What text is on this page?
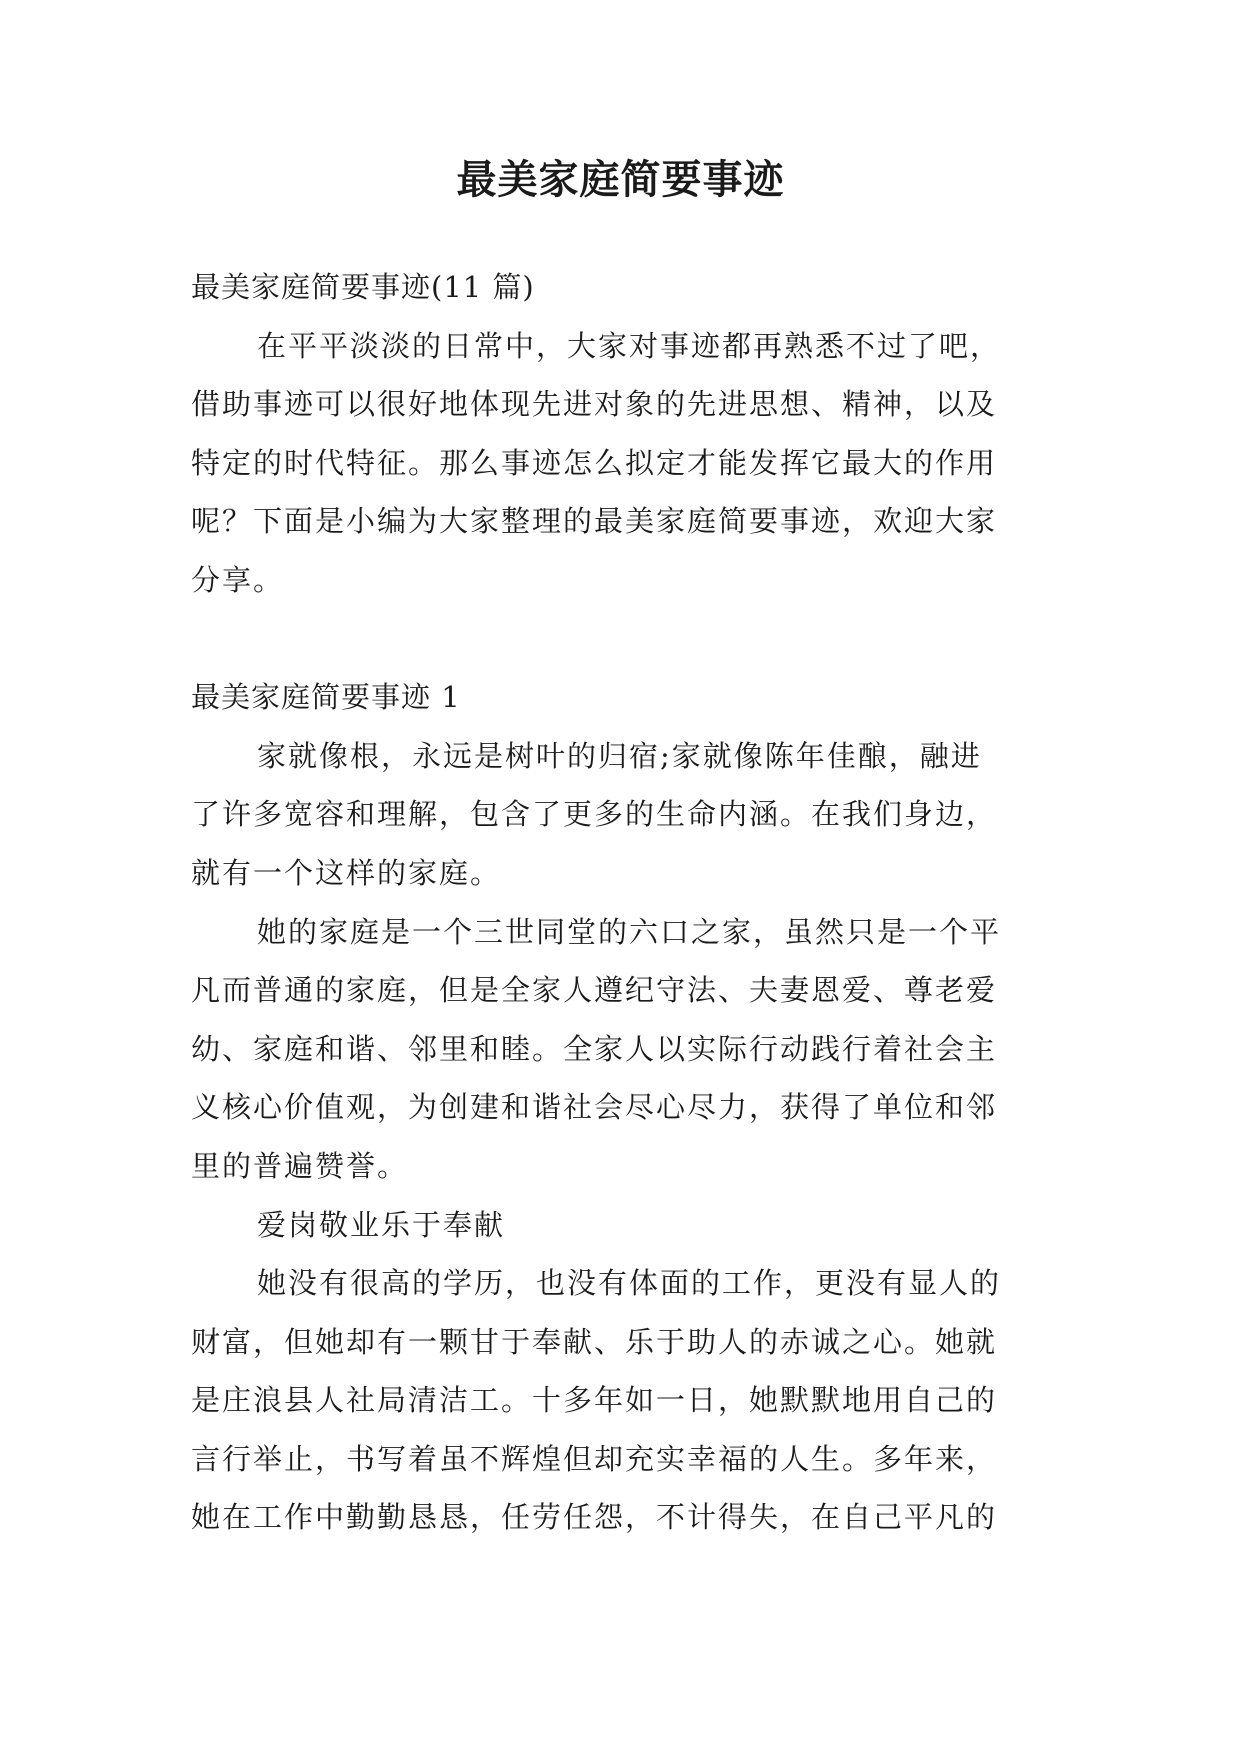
最美家庭简要事迹
最美家庭简要事迹(11 篇)
在平平淡淡的日常中，大家对事迹都再熟悉不过了吧，
借助事迹可以很好地体现先进对象的先进思想、精神，以及
特定的时代特征。那么事迹怎么拟定才能发挥它最大的作用
呢？下面是小编为大家整理的最美家庭简要事迹，欢迎大家
分享。
最美家庭简要事迹 1
家就像根，永远是树叶的归宿;家就像陈年佳酿，融进
了许多宽容和理解，包含了更多的生命内涵。在我们身边，
就有一个这样的家庭。
她的家庭是一个三世同堂的六口之家，虽然只是一个平
凡而普通的家庭，但是全家人遵纪守法、夫妻恩爱、尊老爱
幼、家庭和谐、邻里和睦。全家人以实际行动践行着社会主
义核心价值观，为创建和谐社会尽心尽力，获得了单位和邻
里的普遍赞誉。
爱岗敬业乐于奉献
她没有很高的学历，也没有体面的工作，更没有显人的
财富，但她却有一颗甘于奉献、乐于助人的赤诚之心。她就
是庄浪县人社局清洁工。十多年如一日，她默默地用自己的
言行举止，书写着虽不辉煌但却充实幸福的人生。多年来，
她在工作中勤勤恳恳，任劳任怨，不计得失，在自己平凡的
